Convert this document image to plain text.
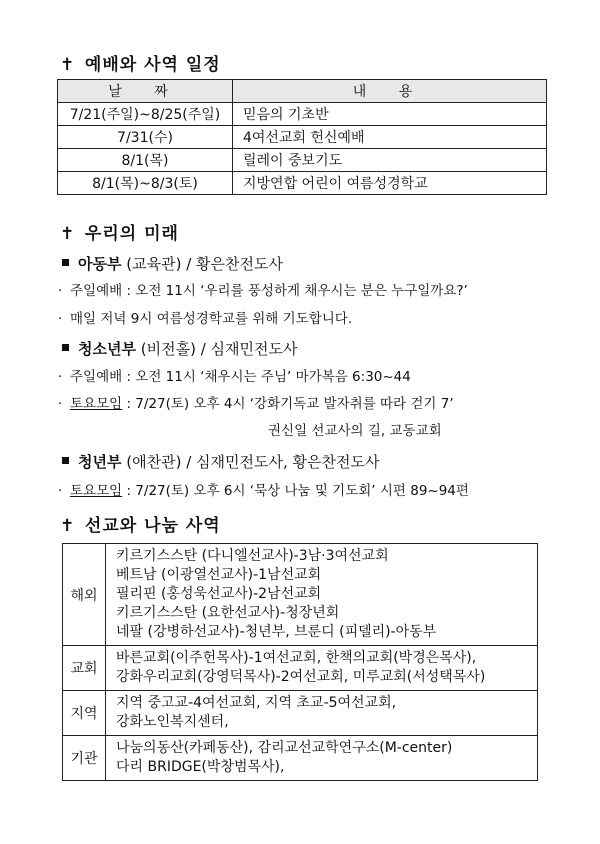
✝ 예배와 사역 일정
날 짜	내 용
7/21(주일)~8/25(주일)	믿음의 기초반
7/31(수)	4여선교회 헌신예배
8/1(목)	릴레이 중보기도
8/1(목)~8/3(토)	지방연합 어린이 여름성경학교
✝ 우리의 미래
아동부 (교육관) / 황은찬전도사
· 주일예배 : 오전 11시 ‘우리를 풍성하게 채우시는 분은 누구일까요?’
· 매일 저녁 9시 여름성경학교를 위해 기도합니다.
청소년부 (비전홀) / 심재민전도사
· 주일예배 : 오전 11시 ‘채우시는 주님’ 마가복음 6:30~44
· 토요모임 : 7/27(토) 오후 4시 ‘강화기독교 발자취를 따라 걷기 7’
권신일 선교사의 길, 교동교회
청년부 (애찬관) / 심재민전도사, 황은찬전도사
· 토요모임 : 7/27(토) 오후 6시 ‘묵상 나눔 및 기도회’ 시편 89~94편
✝ 선교와 나눔 사역
해외	키르기스스탄 (다니엘선교사)-3남·3여선교회
베트남 (이광열선교사)-1남선교회
필리핀 (홍성욱선교사)-2남선교회
키르기스스탄 (요한선교사)-청장년회
네팔 (강병하선교사)-청년부, 브룬디 (피델리)-아동부

교회	바른교회(이주헌목사)-1여선교회, 한책의교회(박경은목사),
강화우리교회(강영덕목사)-2여선교회, 미루교회(서성택목사)

지역	지역 중고교-4여선교회, 지역 초교-5여선교회,
강화노인복지센터,

기관	나눔의동산(카페동산), 감리교선교학연구소(M-center)
다리 BRIDGE(박창범목사),
